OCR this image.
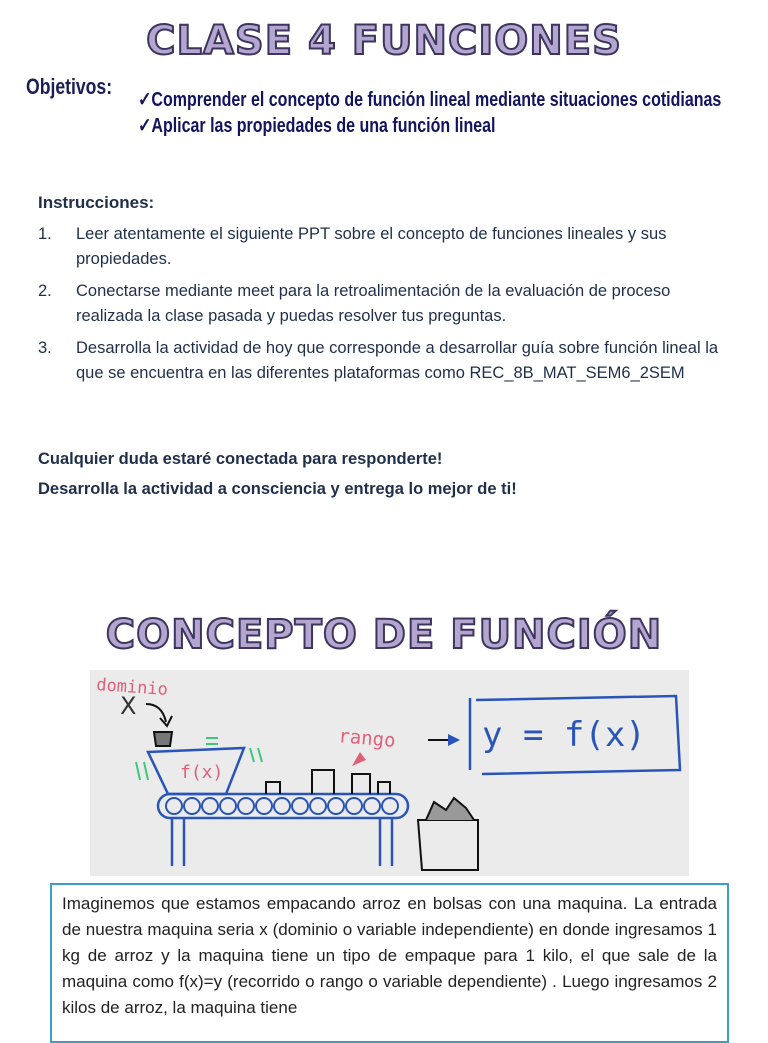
CLASE 4 FUNCIONES
Objetivos:
✓Comprender el concepto de función lineal mediante situaciones cotidianas
✓Aplicar las propiedades de una función lineal
Instrucciones:
1. Leer atentamente el siguiente PPT sobre el concepto de funciones lineales y sus propiedades.
2. Conectarse mediante meet para la retroalimentación de la evaluación de proceso realizada la clase pasada y puedas resolver tus preguntas.
3. Desarrolla la actividad de hoy que corresponde a desarrollar guía sobre función lineal la que se encuentra en las diferentes plataformas como REC_8B_MAT_SEM6_2SEM
Cualquier duda estaré conectada para responderte!
Desarrolla la actividad a consciencia y entrega lo mejor de ti!
CONCEPTO DE FUNCIÓN
dominio
X
f(x)
rango	y = f(x)
Imaginemos que estamos empacando arroz en bolsas con una maquina. La entrada de nuestra maquina seria x (dominio o variable independiente) en donde ingresamos 1 kg de arroz y la maquina tiene un tipo de empaque para 1 kilo, el que sale de la maquina como f(x)=y (recorrido o rango o variable dependiente) . Luego ingresamos 2 kilos de arroz, la maquina tiene
